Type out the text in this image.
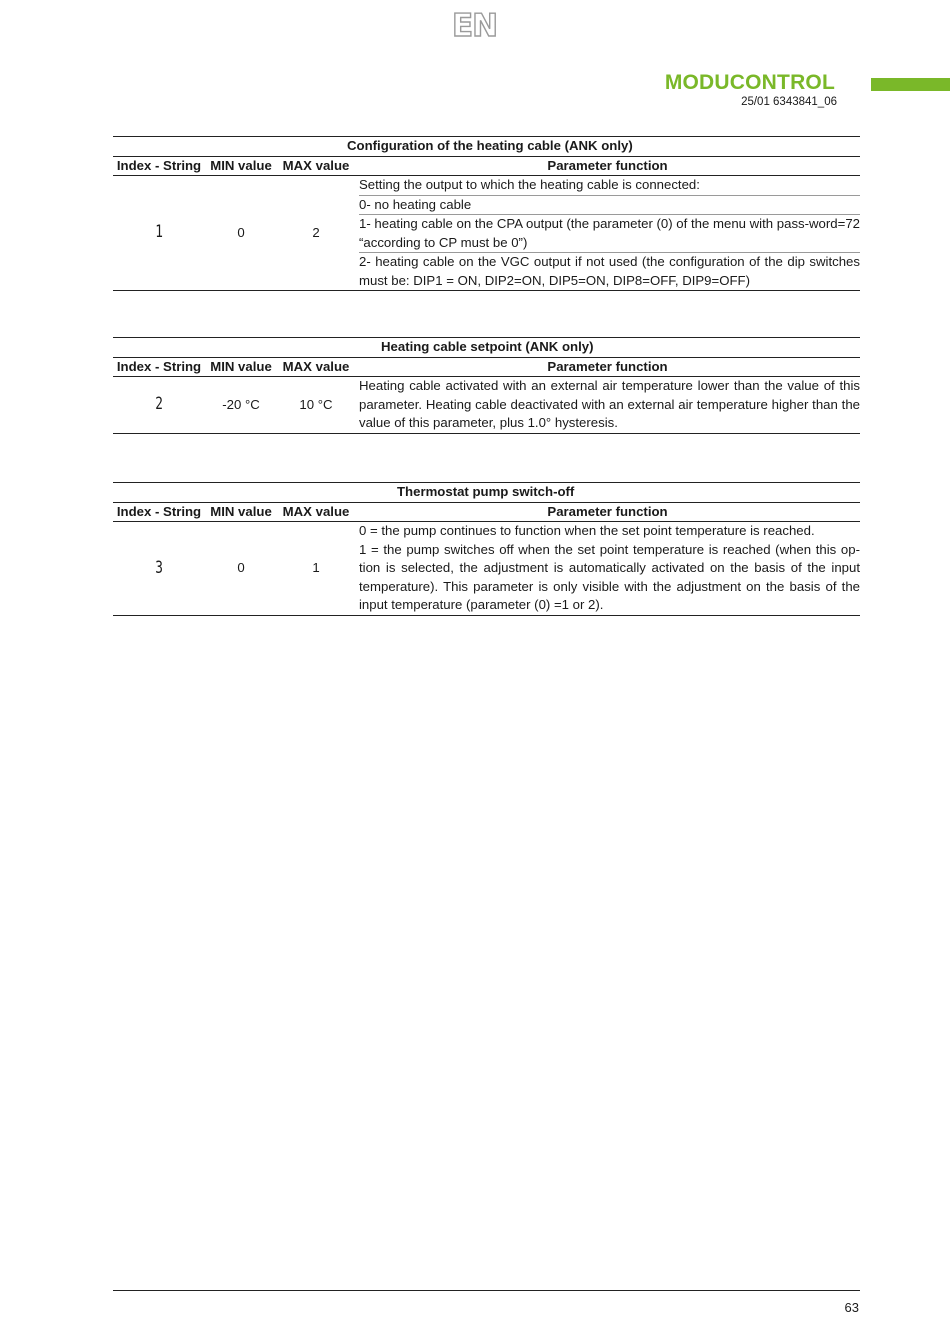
EN
MODUCONTROL
25/01 6343841_06
			Configuration of the heating cable (ANK only)
Index - String	MIN value	MAX value	Parameter function
1	0	2	Setting the output to which the heating cable is connected:
0- no heating cable
1- heating cable on the CPA output (the parameter (0) of the menu with pass-word=72 “according to CP must be 0”)
2- heating cable on the VGC output if not used (the configuration of the dip switches must be: DIP1 = ON, DIP2=ON, DIP5=ON, DIP8=OFF, DIP9=OFF)
			Heating cable setpoint (ANK only)
Index - String	MIN value	MAX value	Parameter function
2	-20 °C	10 °C	Heating cable activated with an external air temperature lower than the value of this parameter. Heating cable deactivated with an external air temperature higher than the value of this parameter, plus 1.0° hysteresis.
			Thermostat pump switch-off
Index - String	MIN value	MAX value	Parameter function
3	0	1	0 = the pump continues to function when the set point temperature is reached.
1 = the pump switches off when the set point temperature is reached (when this op-tion is selected, the adjustment is automatically activated on the basis of the input temperature). This parameter is only visible with the adjustment on the basis of the input temperature (parameter (0) =1 or 2).
63
